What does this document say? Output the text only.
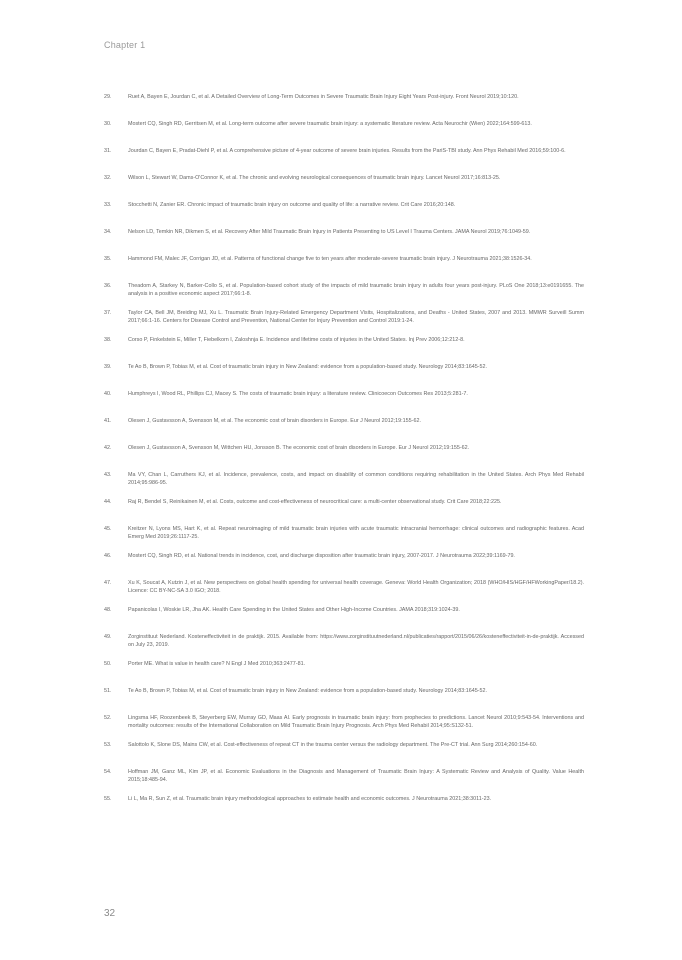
Chapter 1
29.	Ruet A, Bayen E, Jourdan C, et al. A Detailed Overview of Long-Term Outcomes in Severe Traumatic Brain Injury Eight Years Post-injury. Front Neurol 2019;10:120.
30.	Mostert CQ, Singh RD, Gerritsen M, et al. Long-term outcome after severe traumatic brain injury: a systematic literature review. Acta Neurochir (Wien) 2022;164:599-613.
31.	Jourdan C, Bayen E, Pradat-Diehl P, et al. A comprehensive picture of 4-year outcome of severe brain injuries. Results from the PariS-TBI study. Ann Phys Rehabil Med 2016;59:100-6.
32.	Wilson L, Stewart W, Dams-O'Connor K, et al. The chronic and evolving neurological consequences of traumatic brain injury. Lancet Neurol 2017;16:813-25.
33.	Stocchetti N, Zanier ER. Chronic impact of traumatic brain injury on outcome and quality of life: a narrative review. Crit Care 2016;20:148.
34.	Nelson LD, Temkin NR, Dikmen S, et al. Recovery After Mild Traumatic Brain Injury in Patients Presenting to US Level I Trauma Centers. JAMA Neurol 2019;76:1049-59.
35.	Hammond FM, Malec JF, Corrigan JD, et al. Patterns of functional change five to ten years after moderate-severe traumatic brain injury. J Neurotrauma 2021;38:1526-34.
36.	Theadom A, Starkey N, Barker-Collo S, et al. Population-based cohort study of the impacts of mild traumatic brain injury in adults four years post-injury. PLoS One 2018;13:e0191655. The analysis in a positive economic aspect 2017;66:1-8.
37.	Taylor CA, Bell JM, Breiding MJ, Xu L. Traumatic Brain Injury-Related Emergency Department Visits, Hospitalizations, and Deaths - United States, 2007 and 2013. MMWR Surveill Summ 2017;66:1-16. Centers for Disease Control and Prevention, National Center for Injury Prevention and Control 2019:1-24.
38.	Corso P, Finkelstein E, Miller T, Fiebelkorn I, Zaloshnja E. Incidence and lifetime costs of injuries in the United States. Inj Prev 2006;12:212-8.
39.	Te Ao B, Brown P, Tobias M, et al. Cost of traumatic brain injury in New Zealand: evidence from a population-based study. Neurology 2014;83:1645-52.
40.	Humphreys I, Wood RL, Phillips CJ, Macey S. The costs of traumatic brain injury: a literature review. Clinicoecon Outcomes Res 2013;5:281-7.
41.	Olesen J, Gustavsson A, Svensson M, et al. The economic cost of brain disorders in Europe. Eur J Neurol 2012;19:155-62.
42.	Olesen J, Gustavsson A, Svensson M, Wittchen HU, Jonsson B. The economic cost of brain disorders in Europe. Eur J Neurol 2012;19:155-62.
43.	Ma VY, Chan L, Carruthers KJ, et al. Incidence, prevalence, costs, and impact on disability of common conditions requiring rehabilitation in the United States. Arch Phys Med Rehabil 2014;95:986-95.
44.	Raj R, Bendel S, Reinikainen M, et al. Costs, outcome and cost-effectiveness of neurocritical care: a multi-center observational study. Crit Care 2018;22:225.
45.	Kreitzer N, Lyons MS, Hart K, et al. Repeat neuroimaging of mild traumatic brain injuries with acute traumatic intracranial hemorrhage: clinical outcomes and radiographic features. Acad Emerg Med 2019;26:1117-25.
46.	Mostert CQ, Singh RD, et al. National trends in incidence, cost, and discharge disposition after traumatic brain injury, 2007-2017. J Neurotrauma 2022;39:1169-79.
47.	Xu K, Soucat A, Kutzin J, et al. New perspectives on global health spending for universal health coverage. Geneva: World Health Organization; 2018 (WHO/HIS/HGF/HFWorkingPaper/18.2). Licence: CC BY-NC-SA 3.0 IGO; 2018.
48.	Papanicolas I, Woskie LR, Jha AK. Health Care Spending in the United States and Other High-Income Countries. JAMA 2018;319:1024-39.
49.	Zorginstituut Nederland. Kosteneffectiviteit in de praktijk. 2015. Available from: https://www.zorginstituutnederland.nl/publicaties/rapport/2015/06/26/kosteneffectiviteit-in-de-praktijk. Accessed on July 23, 2019.
50.	Porter ME. What is value in health care? N Engl J Med 2010;363:2477-81.
51.	Te Ao B, Brown P, Tobias M, et al. Cost of traumatic brain injury in New Zealand: evidence from a population-based study. Neurology 2014;83:1645-52.
52.	Lingsma HF, Roozenbeek B, Steyerberg EW, Murray GD, Maas AI. Early prognosis in traumatic brain injury: from prophecies to predictions. Lancet Neurol 2010;9:543-54. Interventions and mortality outcomes: results of the International Collaboration on Mild Traumatic Brain Injury Prognosis. Arch Phys Med Rehabil 2014;95:S132-51.
53.	Salottolo K, Slone DS, Mains CW, et al. Cost-effectiveness of repeat CT in the trauma center versus the radiology department. The Pre-CT trial. Ann Surg 2014;260:154-60.
54.	Hoffman JM, Ganz ML, Kim JP, et al. Economic Evaluations in the Diagnosis and Management of Traumatic Brain Injury: A Systematic Review and Analysis of Quality. Value Health 2015;18:485-94.
55.	Li L, Ma R, Sun Z, et al. Traumatic brain injury methodological approaches to estimate health and economic outcomes. J Neurotrauma 2021;38:3011-23.
32
